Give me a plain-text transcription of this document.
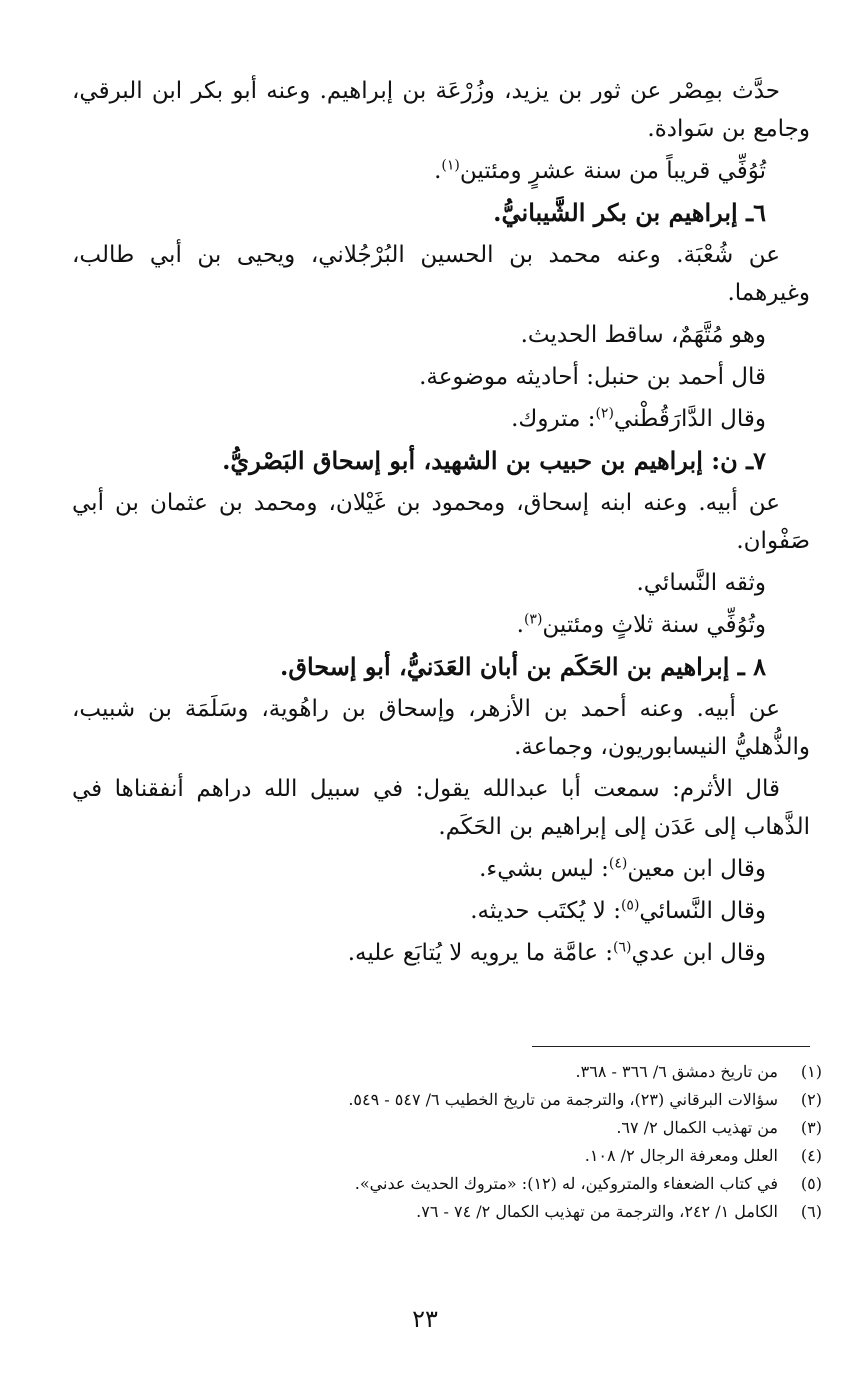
حدَّث بمِصْر عن ثور بن يزيد، وزُرْعَة بن إبراهيم. وعنه أبو بكر ابن البرقي، وجامع بن سَوادة.

تُوُفِّي قريباً من سنة عشرٍ ومئتين$^{(١)}$.

٦ـ إبراهيم بن بكر الشَّيبانيُّ.

عن شُعْبَة. وعنه محمد بن الحسين البُرْجُلاني، ويحيى بن أبي طالب، وغيرهما.

وهو مُتَّهَمٌ، ساقط الحديث.

قال أحمد بن حنبل: أحاديثه موضوعة.

وقال الدَّارَقُطْني$^{(٢)}$: متروك.

٧ـ ن: إبراهيم بن حبيب بن الشهيد، أبو إسحاق البَصْريُّ.

عن أبيه. وعنه ابنه إسحاق، ومحمود بن غَيْلان، ومحمد بن عثمان بن أبي صَفْوان.

وثقه النَّسائي.

وتُوُفِّي سنة ثلاثٍ ومئتين$^{(٣)}$.

٨ ـ إبراهيم بن الحَكَم بن أبان العَدَنيُّ، أبو إسحاق.

عن أبيه. وعنه أحمد بن الأزهر، وإسحاق بن راهُوية، وسَلَمَة بن شبيب، والذُّهليُّ النيسابوريون، وجماعة.

قال الأثرم: سمعت أبا عبدالله يقول: في سبيل الله دراهم أنفقناها في الذَّهاب إلى عَدَن إلى إبراهيم بن الحَكَم.

وقال ابن معين$^{(٤)}$: ليس بشيء.

وقال النَّسائي$^{(٥)}$: لا يُكتَب حديثه.

وقال ابن عدي$^{(٦)}$: عامَّة ما يرويه لا يُتابَع عليه.

(١)
من تاريخ دمشق ٦/ ٣٦٦ - ٣٦٨.
(٢)
سؤالات البرقاني (٢٣)، والترجمة من تاريخ الخطيب ٦/ ٥٤٧ - ٥٤٩.
(٣)
من تهذيب الكمال ٢/ ٦٧.
(٤)
العلل ومعرفة الرجال ٢/ ١٠٨.
(٥)
في كتاب الضعفاء والمتروكين، له (١٢): «متروك الحديث عدني».
(٦)
الكامل ١/ ٢٤٢، والترجمة من تهذيب الكمال ٢/ ٧٤ - ٧٦.
٢٣
